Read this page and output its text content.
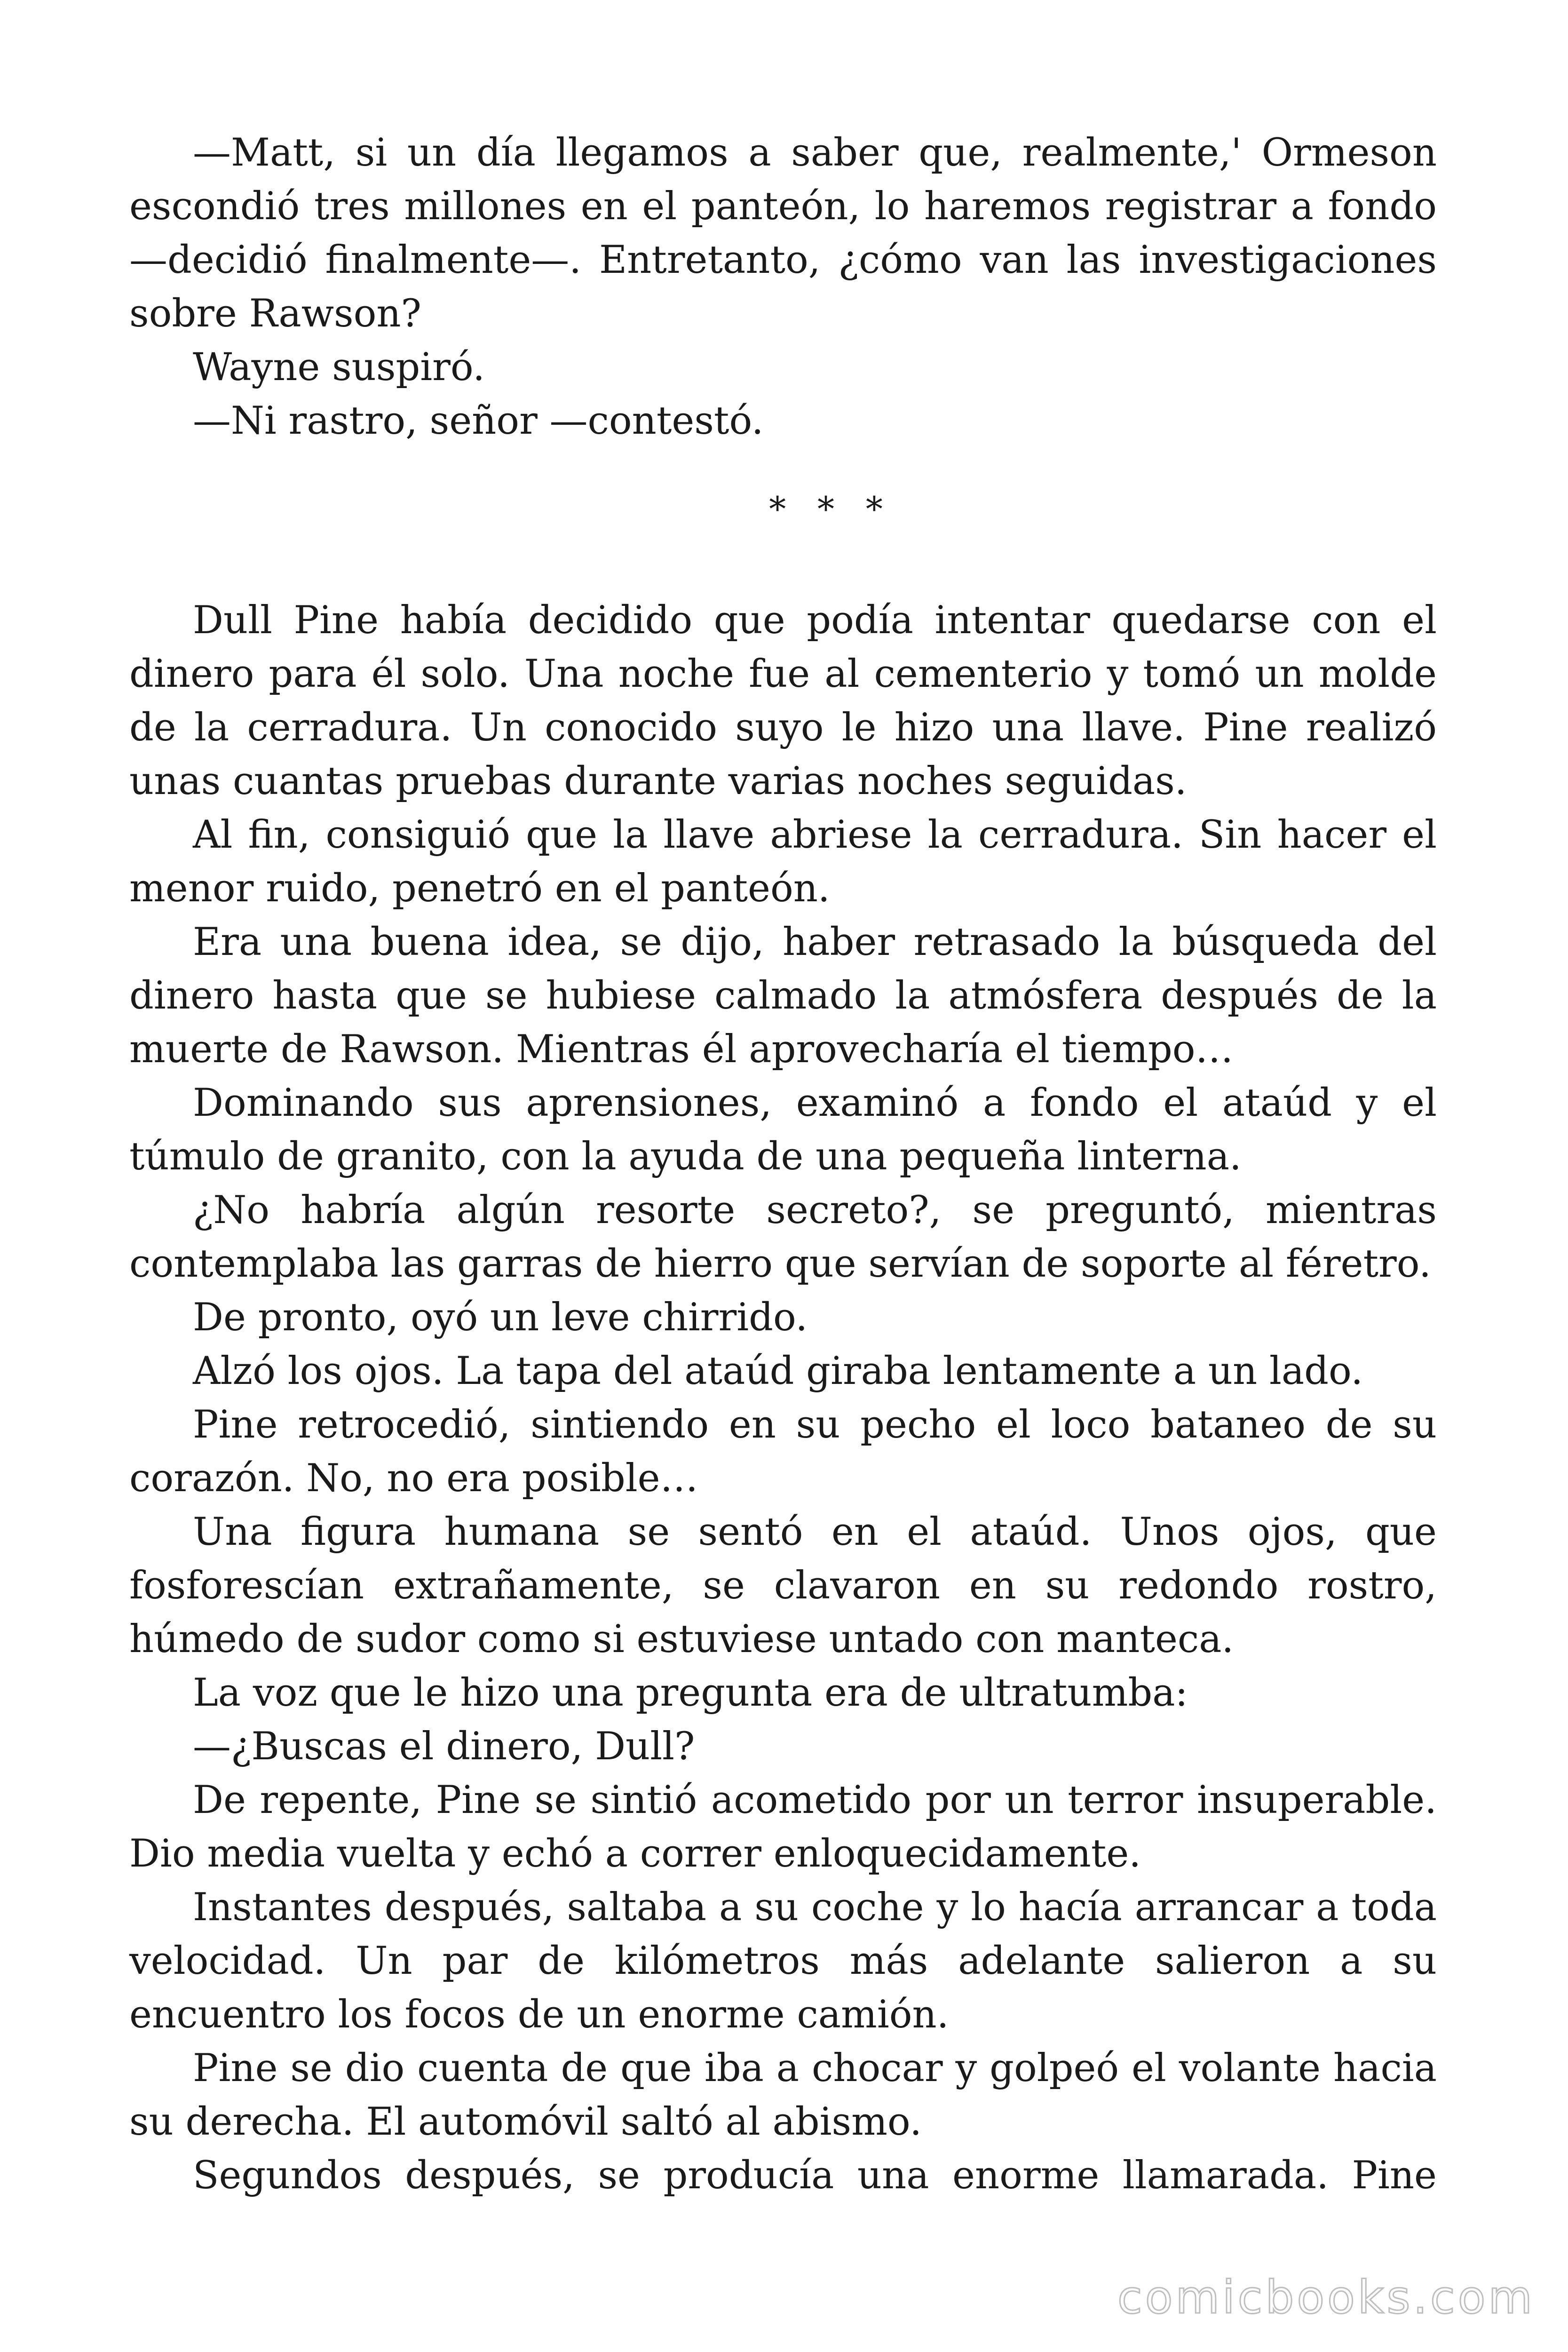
—Matt, si un día llegamos a saber que, realmente,' Ormeson escondió tres millones en el panteón, lo haremos registrar a fondo —decidió finalmente—. Entretanto, ¿cómo van las investigaciones sobre Rawson?

Wayne suspiró.

—Ni rastro, señor —contestó.

* * *

Dull Pine había decidido que podía intentar quedarse con el dinero para él solo. Una noche fue al cementerio y tomó un molde de la cerradura. Un conocido suyo le hizo una llave. Pine realizó unas cuantas pruebas durante varias noches seguidas.

Al fin, consiguió que la llave abriese la cerradura. Sin hacer el menor ruido, penetró en el panteón.

Era una buena idea, se dijo, haber retrasado la búsqueda del dinero hasta que se hubiese calmado la atmósfera después de la muerte de Rawson. Mientras él aprovecharía el tiempo…

Dominando sus aprensiones, examinó a fondo el ataúd y el túmulo de granito, con la ayuda de una pequeña linterna.

¿No habría algún resorte secreto?, se preguntó, mientras contemplaba las garras de hierro que servían de soporte al féretro.

De pronto, oyó un leve chirrido.

Alzó los ojos. La tapa del ataúd giraba lentamente a un lado.

Pine retrocedió, sintiendo en su pecho el loco bataneo de su corazón. No, no era posible…

Una figura humana se sentó en el ataúd. Unos ojos, que fosforescían extrañamente, se clavaron en su redondo rostro, húmedo de sudor como si estuviese untado con manteca.

La voz que le hizo una pregunta era de ultratumba:

—¿Buscas el dinero, Dull?

De repente, Pine se sintió acometido por un terror insuperable. Dio media vuelta y echó a correr enloquecidamente.

Instantes después, saltaba a su coche y lo hacía arrancar a toda velocidad. Un par de kilómetros más adelante salieron a su encuentro los focos de un enorme camión.

Pine se dio cuenta de que iba a chocar y golpeó el volante hacia su derecha. El automóvil saltó al abismo.

Segundos después, se producía una enorme llamarada. Pine

comicbooks.com
